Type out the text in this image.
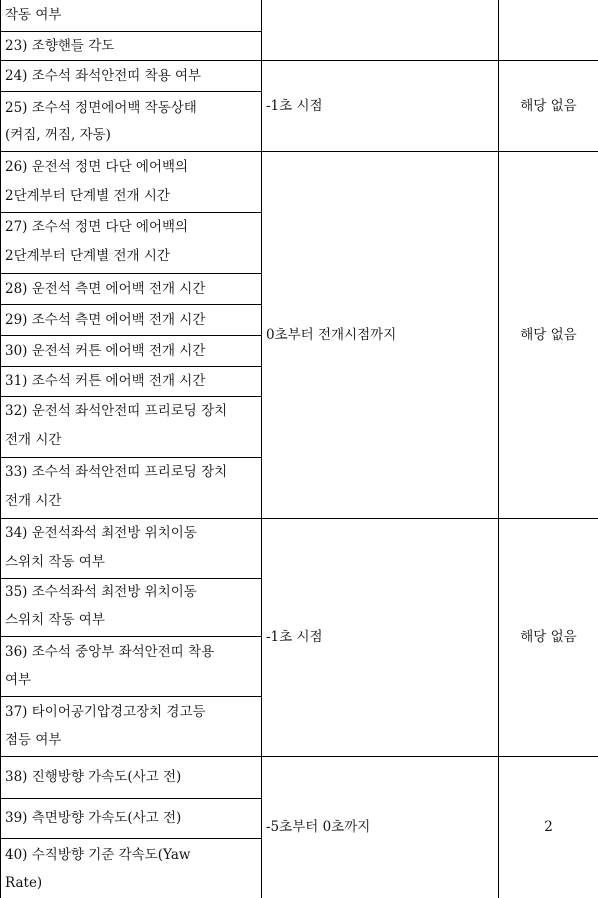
작동 여부
23) 조향핸들 각도
24) 조수석 좌석안전띠 착용 여부
25) 조수석 정면에어백 작동상태
(켜짐, 꺼짐, 자동)
26) 운전석 정면 다단 에어백의
2단계부터 단계별 전개 시간
27) 조수석 정면 다단 에어백의
2단계부터 단계별 전개 시간
28) 운전석 측면 에어백 전개 시간
29) 조수석 측면 에어백 전개 시간
30) 운전석 커튼 에어백 전개 시간
31) 조수석 커튼 에어백 전개 시간
32) 운전석 좌석안전띠 프리로딩 장치
전개 시간
33) 조수석 좌석안전띠 프리로딩 장치
전개 시간
34) 운전석좌석 최전방 위치이동
스위치 작동 여부
35) 조수석좌석 최전방 위치이동
스위치 작동 여부
36) 조수석 중앙부 좌석안전띠 착용
여부
37) 타이어공기압경고장치 경고등
점등 여부
38) 진행방향 가속도(사고 전)
39) 측면방향 가속도(사고 전)
40) 수직방향 기준 각속도(Yaw
Rate)
-1초 시점
0초부터 전개시점까지
-1초 시점
-5초부터 0초까지
해당 없음
해당 없음
해당 없음
2
